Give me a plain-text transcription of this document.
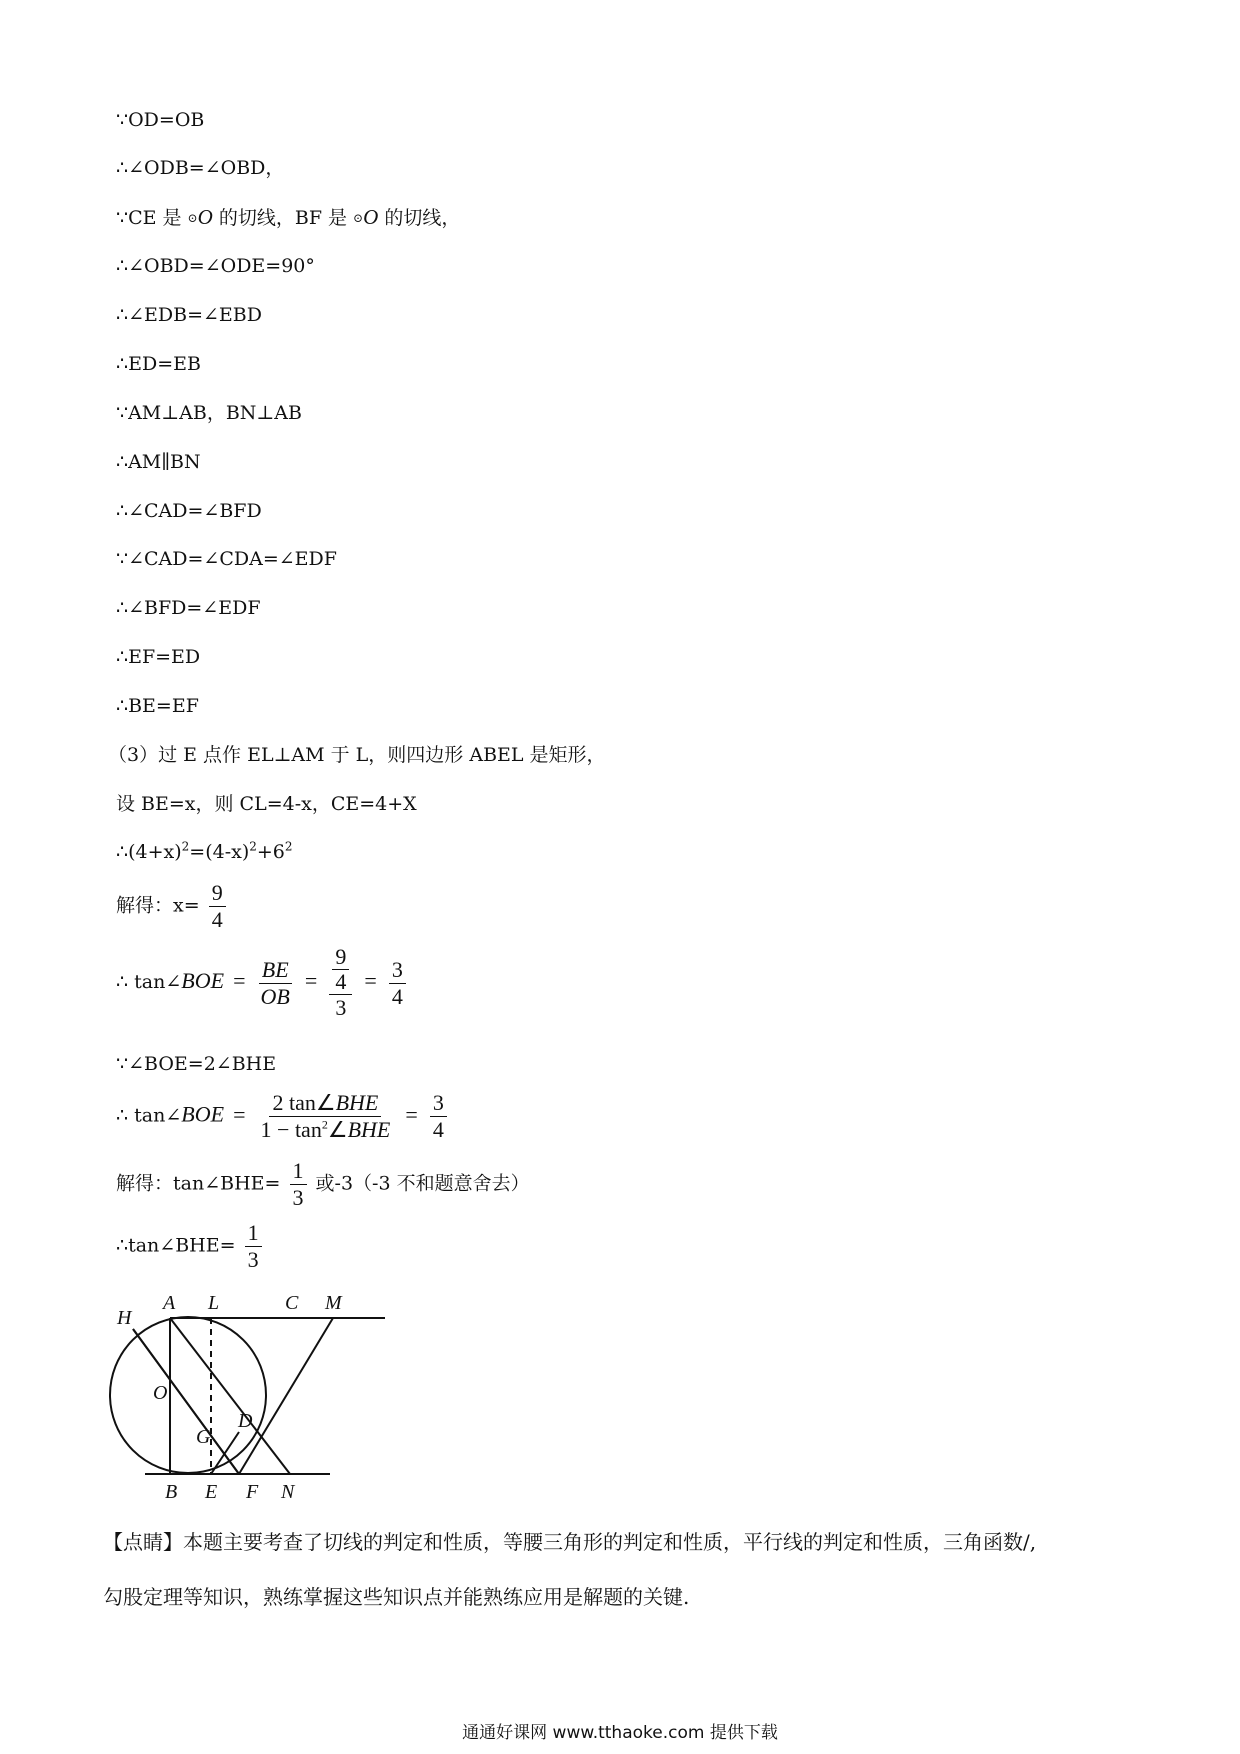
∵OD=OB
∴∠ODB=∠OBD，
∵CE 是 ⊙O 的切线，BF 是 ⊙O 的切线，
∴∠OBD=∠ODE=90°
∴∠EDB=∠EBD
∴ED=EB
∵AM⊥AB，BN⊥AB
∴AM∥BN
∴∠CAD=∠BFD
∵∠CAD=∠CDA=∠EDF
∴∠BFD=∠EDF
∴EF=ED
∴BE=EF
（3）过 E 点作 EL⊥AM 于 L，则四边形 ABEL 是矩形，
设 BE=x，则 CL=4-x，CE=4+X
$\therefore(4+x)^2=(4-x)^2+6^2$
解得：$x= \frac{9}{4}$
∴ tan∠BOE = $\frac{BE}{OB} = \frac{\frac{9}{4}}{3} = \frac{3}{4}$
∵∠BOE=2∠BHE
∴ tan∠BOE = $\frac{\text{2 tan∠BHE}}{1 - \tan^2\angle BHE} = \frac{3}{4}$
解得：tan∠BHE= $\frac{1}{3}$ 或-3（-3 不和题意舍去）
∴tan∠BHE= $\frac{1}{3}$
H
A L	C M
O
G
D
B E F N
【点睛】本题主要考查了切线的判定和性质，等腰三角形的判定和性质，平行线的判定和性质，三角函数/,
勾股定理等知识，熟练掌握这些知识点并能熟练应用是解题的关键.
通通好课网 www.tthaoke.com 提供下载
